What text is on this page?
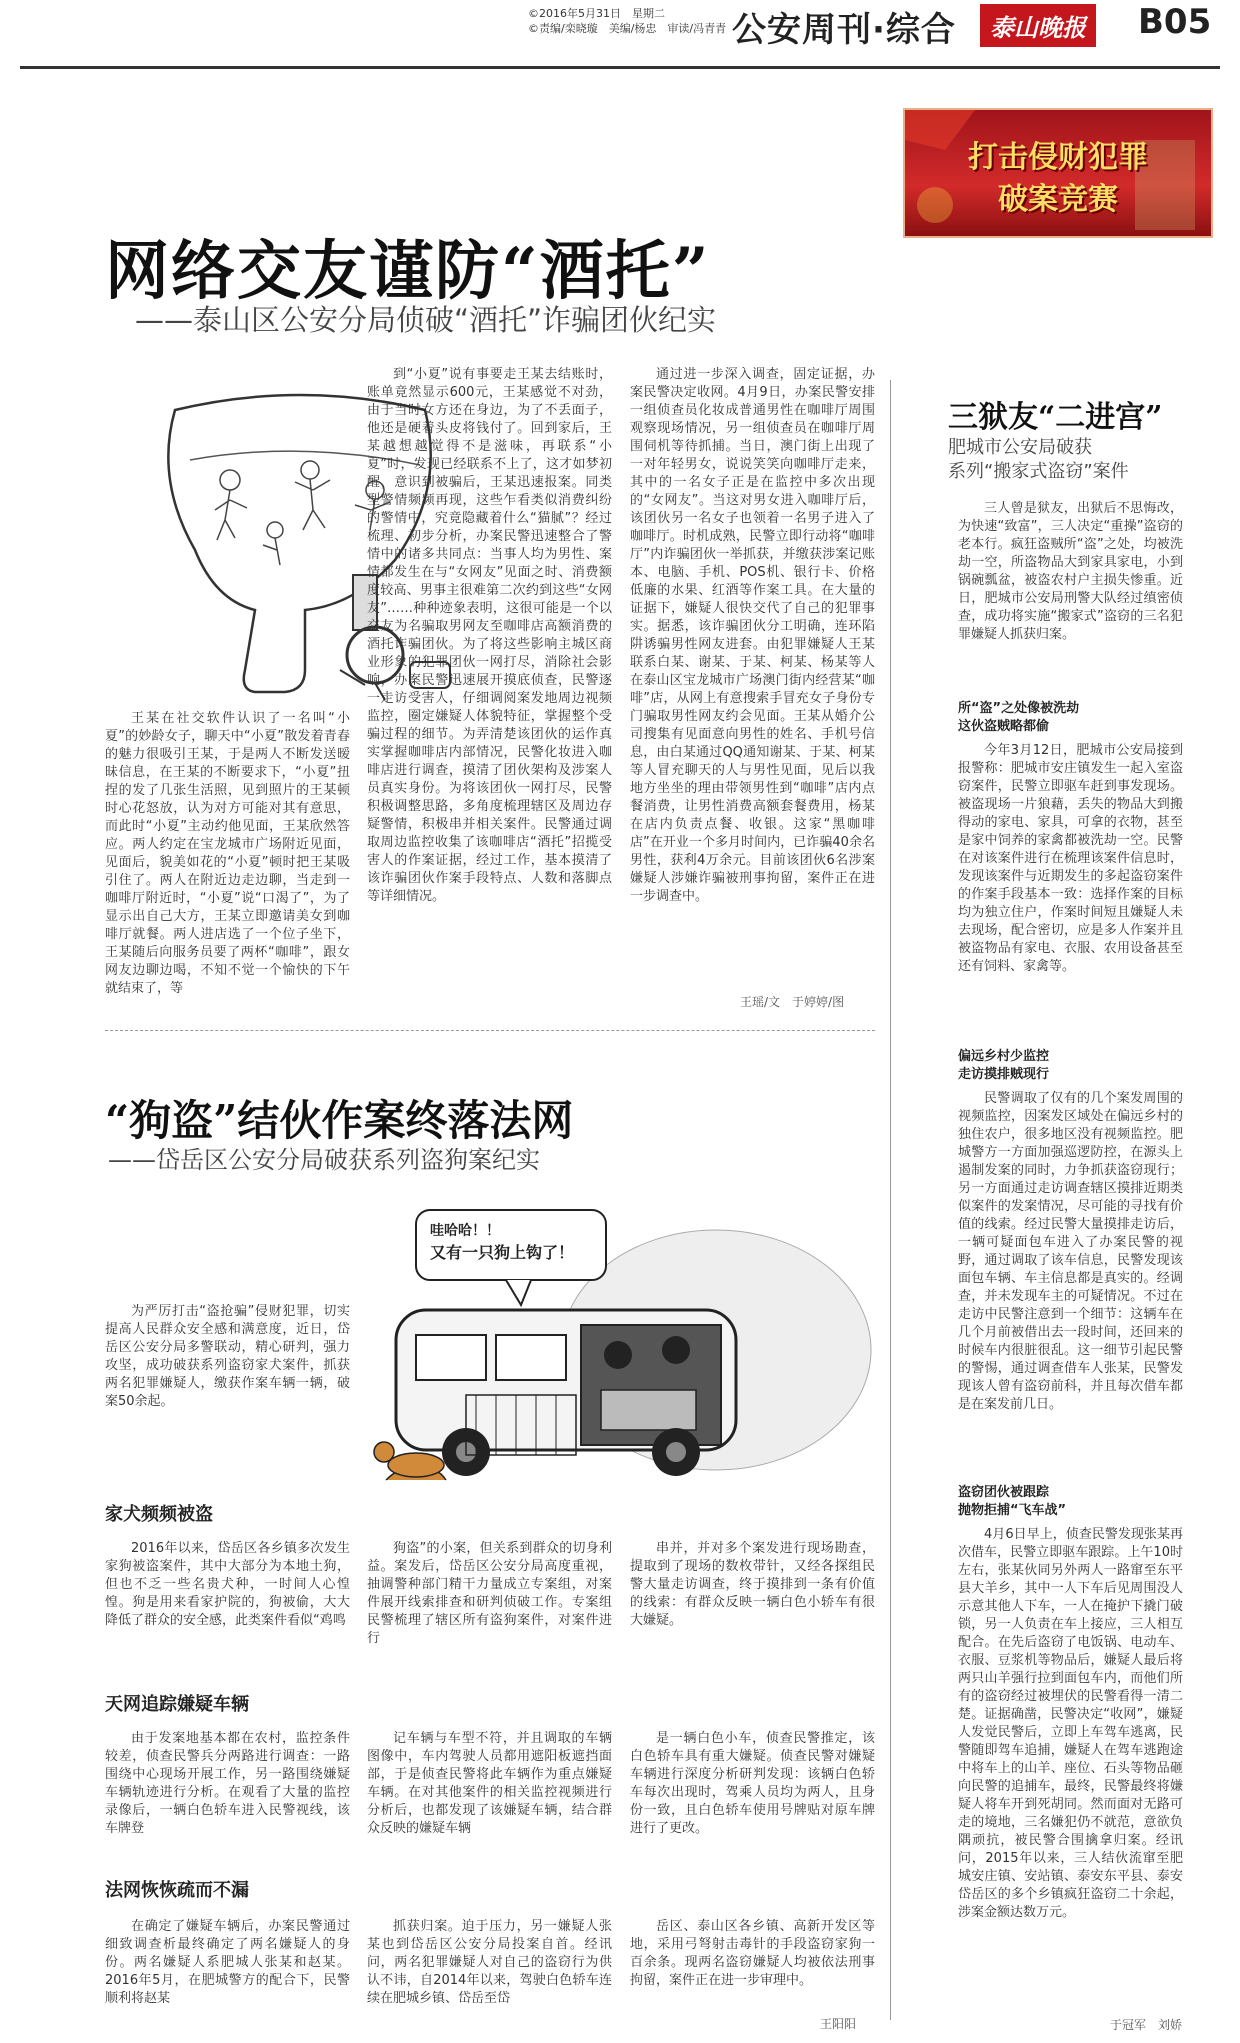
©2016年5月31日　星期二
©责编/栾晓璇　美编/杨忠　审读/冯青青 公安周刊·综合	泰山晚报 B05
打击侵财犯罪
破案竞赛
网络交友谨防“酒托”
——泰山区公安分局侦破“酒托”诈骗团伙纪实
王某在社交软件认识了一名叫“小夏”的妙龄女子，聊天中“小夏”散发着青春的魅力很吸引王某，于是两人不断发送暧昧信息，在王某的不断要求下，“小夏”扭捏的发了几张生活照，见到照片的王某顿时心花怒放，认为对方可能对其有意思，而此时“小夏”主动约他见面，王某欣然答应。两人约定在宝龙城市广场附近见面，见面后，貌美如花的“小夏”顿时把王某吸引住了。两人在附近边走边聊，当走到一咖啡厅附近时，“小夏”说“口渴了”，为了显示出自己大方，王某立即邀请美女到咖啡厅就餐。两人进店选了一个位子坐下，王某随后向服务员要了两杯“咖啡”，跟女网友边聊边喝，不知不觉一个愉快的下午就结束了，等
到“小夏”说有事要走王某去结账时，账单竟然显示600元，王某感觉不对劲，由于当时女方还在身边，为了不丢面子，他还是硬着头皮将钱付了。回到家后，王某越想越觉得不是滋味，再联系“小夏”时，发现已经联系不上了，这才如梦初醒，意识到被骗后，王某迅速报案。同类型警情频频再现，这些乍看类似消费纠纷的警情中，究竟隐藏着什么“猫腻”？经过梳理、初步分析，办案民警迅速整合了警情中的诸多共同点：当事人均为男性、案情都发生在与“女网友”见面之时、消费额度较高、男事主很难第二次约到这些“女网友”……种种迹象表明，这很可能是一个以交友为名骗取男网友至咖啡店高额消费的酒托诈骗团伙。为了将这些影响主城区商业形象的犯罪团伙一网打尽，消除社会影响，办案民警迅速展开摸底侦查，民警逐一走访受害人，仔细调阅案发地周边视频监控，圈定嫌疑人体貌特征，掌握整个受骗过程的细节。为弄清楚该团伙的运作真实掌握咖啡店内部情况，民警化妆进入咖啡店进行调查，摸清了团伙架构及涉案人员真实身份。为将该团伙一网打尽，民警积极调整思路，多角度梳理辖区及周边存疑警情，积极串并相关案件。民警通过调取周边监控收集了该咖啡店“酒托”招揽受害人的作案证据，经过工作，基本摸清了该诈骗团伙作案手段特点、人数和落脚点等详细情况。
通过进一步深入调查，固定证据，办案民警决定收网。4月9日，办案民警安排一组侦查员化妆成普通男性在咖啡厅周围观察现场情况，另一组侦查员在咖啡厅周围伺机等待抓捕。当日，澳门街上出现了一对年轻男女，说说笑笑向咖啡厅走来，其中的一名女子正是在监控中多次出现的“女网友”。当这对男女进入咖啡厅后，该团伙另一名女子也领着一名男子进入了咖啡厅。时机成熟，民警立即行动将“咖啡厅”内诈骗团伙一举抓获，并缴获涉案记账本、电脑、手机、POS机、银行卡、价格低廉的水果、红酒等作案工具。在大量的证据下，嫌疑人很快交代了自己的犯罪事实。据悉，该诈骗团伙分工明确，连环陷阱诱骗男性网友进套。由犯罪嫌疑人王某联系白某、谢某、于某、柯某、杨某等人在泰山区宝龙城市广场澳门街内经营某“咖啡”店，从网上有意搜索手冒充女子身份专门骗取男性网友约会见面。王某从婚介公司搜集有见面意向男性的姓名、手机号信息，由白某通过QQ通知谢某、于某、柯某等人冒充聊天的人与男性见面，见后以我地方坐坐的理由带领男性到“咖啡”店内点餐消费，让男性消费高额套餐费用，杨某在店内负责点餐、收银。这家“黑咖啡店”在开业一个多月时间内，已诈骗40余名男性，获利4万余元。目前该团伙6名涉案嫌疑人涉嫌诈骗被刑事拘留，案件正在进一步调查中。
王瑶/文　于婷婷/图
“狗盗”结伙作案终落法网
——岱岳区公安分局破获系列盗狗案纪实
为严厉打击“盗抢骗”侵财犯罪，切实提高人民群众安全感和满意度，近日，岱岳区公安分局多警联动，精心研判，强力攻坚，成功破获系列盗窃家犬案件，抓获两名犯罪嫌疑人，缴获作案车辆一辆，破案50余起。
哇哈哈！！
又有一只狗上钩了！
家犬频频被盗
2016年以来，岱岳区各乡镇多次发生家狗被盗案件，其中大部分为本地土狗，但也不乏一些名贵犬种，一时间人心惶惶。狗是用来看家护院的，狗被偷，大大降低了群众的安全感，此类案件看似“鸡鸣
狗盗”的小案，但关系到群众的切身利益。案发后，岱岳区公安分局高度重视，抽调警种部门精干力量成立专案组，对案件展开线索排查和研判侦破工作。专案组民警梳理了辖区所有盗狗案件，对案件进行
串并，并对多个案发进行现场勘查，提取到了现场的数枚带针，又经各探组民警大量走访调查，终于摸排到一条有价值的线索：有群众反映一辆白色小轿车有很大嫌疑。
天网追踪嫌疑车辆
由于发案地基本都在农村，监控条件较差，侦查民警兵分两路进行调查：一路围绕中心现场开展工作，另一路围绕嫌疑车辆轨迹进行分析。在观看了大量的监控录像后，一辆白色轿车进入民警视线，该车牌登
记车辆与车型不符，并且调取的车辆图像中，车内驾驶人员都用遮阳板遮挡面部，于是侦查民警将此车辆作为重点嫌疑车辆。在对其他案件的相关监控视频进行分析后，也都发现了该嫌疑车辆，结合群众反映的嫌疑车辆
是一辆白色小车，侦查民警推定，该白色轿车具有重大嫌疑。侦查民警对嫌疑车辆进行深度分析研判发现：该辆白色轿车每次出现时，驾乘人员均为两人，且身份一致，且白色轿车使用号牌贴对原车牌进行了更改。
法网恢恢疏而不漏
在确定了嫌疑车辆后，办案民警通过细致调查析最终确定了两名嫌疑人的身份。两名嫌疑人系肥城人张某和赵某。2016年5月，在肥城警方的配合下，民警顺利将赵某
抓获归案。迫于压力，另一嫌疑人张某也到岱岳区公安分局投案自首。经讯问，两名犯罪嫌疑人对自己的盗窃行为供认不讳，自2014年以来，驾驶白色轿车连续在肥城乡镇、岱岳至岱
岳区、泰山区各乡镇、高新开发区等地，采用弓弩射击毒针的手段盗窃家狗一百余条。现两名盗窃嫌疑人均被依法刑事拘留，案件正在进一步审理中。
王阳阳
三狱友“二进宫”
肥城市公安局破获
系列“搬家式盗窃”案件
三人曾是狱友，出狱后不思悔改，为快速“致富”，三人决定“重操”盗窃的老本行。疯狂盗贼所“盗”之处，均被洗劫一空，所盗物品大到家具家电，小到锅碗瓢盆，被盗农村户主损失惨重。近日，肥城市公安局刑警大队经过缜密侦查，成功将实施“搬家式”盗窃的三名犯罪嫌疑人抓获归案。
所“盗”之处像被洗劫
这伙盗贼略都偷
今年3月12日，肥城市公安局接到报警称：肥城市安庄镇发生一起入室盗窃案件，民警立即驱车赶到事发现场。被盗现场一片狼藉，丢失的物品大到搬得动的家电、家具，可拿的衣物，甚至是家中饲养的家禽都被洗劫一空。民警在对该案件进行在梳理该案件信息时，发现该案件与近期发生的多起盗窃案件的作案手段基本一致：选择作案的目标均为独立住户，作案时间短且嫌疑人未去现场，配合密切，应是多人作案并且被盗物品有家电、衣服、农用设备甚至还有饲料、家禽等。
偏远乡村少监控
走访摸排贼现行
民警调取了仅有的几个案发周围的视频监控，因案发区域处在偏远乡村的独住农户，很多地区没有视频监控。肥城警方一方面加强巡逻防控，在源头上遏制发案的同时，力争抓获盗窃现行；另一方面通过走访调查辖区摸排近期类似案件的发案情况，尽可能的寻找有价值的线索。经过民警大量摸排走访后，一辆可疑面包车进入了办案民警的视野，通过调取了该车信息，民警发现该面包车辆、车主信息都是真实的。经调查，并未发现车主的可疑情况。不过在走访中民警注意到一个细节：这辆车在几个月前被借出去一段时间，还回来的时候车内很脏很乱。这一细节引起民警的警惕，通过调查借车人张某，民警发现该人曾有盗窃前科，并且每次借车都是在案发前几日。
盗窃团伙被跟踪
抛物拒捕“飞车战”
4月6日早上，侦查民警发现张某再次借车，民警立即驱车跟踪。上午10时左右，张某伙同另外两人一路窜至东平县大羊乡，其中一人下车后见周围没人示意其他人下车，一人在掩护下撬门破锁，另一人负责在车上接应，三人相互配合。在先后盗窃了电饭锅、电动车、衣服、豆浆机等物品后，嫌疑人最后将两只山羊强行拉到面包车内，而他们所有的盗窃经过被埋伏的民警看得一清二楚。证据确凿，民警决定“收网”，嫌疑人发觉民警后，立即上车驾车逃离，民警随即驾车追捕，嫌疑人在驾车逃跑途中将车上的山羊、座位、石头等物品砸向民警的追捕车，最终，民警最终将嫌疑人将车开到死胡同。然而面对无路可走的境地，三名嫌犯仍不就范，意欲负隅顽抗，被民警合围擒拿归案。经讯问，2015年以来，三人结伙流窜至肥城安庄镇、安站镇、泰安东平县、泰安岱岳区的多个乡镇疯狂盗窃二十余起，涉案金额达数万元。
于冠军　刘娇
